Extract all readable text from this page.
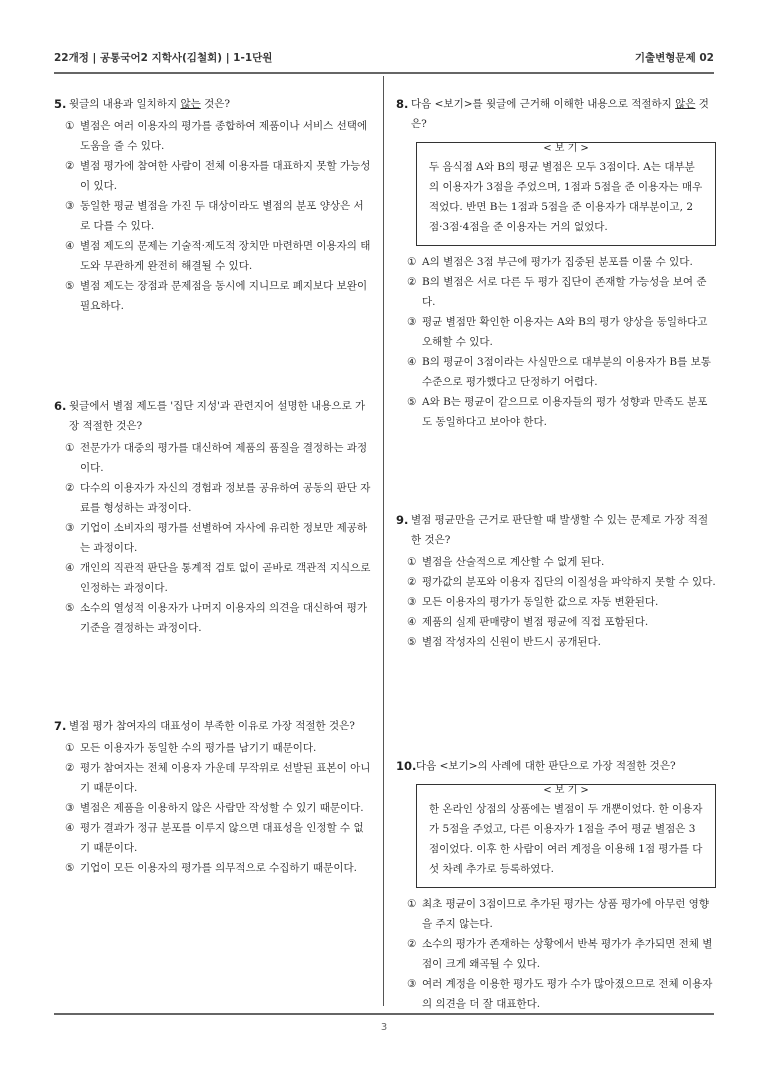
22개정 | 공통국어2 지학사(김철회) | 1-1단원	기출변형문제 02
3
5. 윗글의 내용과 일치하지 않는 것은?
① 별점은 여러 이용자의 평가를 종합하여 제품이나 서비스 선택에 도움을 줄 수 있다.
② 별점 평가에 참여한 사람이 전체 이용자를 대표하지 못할 가능성이 있다.
③ 동일한 평균 별점을 가진 두 대상이라도 별점의 분포 양상은 서로 다를 수 있다.
④ 별점 제도의 문제는 기술적·제도적 장치만 마련하면 이용자의 태도와 무관하게 완전히 해결될 수 있다.
⑤ 별점 제도는 장점과 문제점을 동시에 지니므로 폐지보다 보완이 필요하다.
6. 윗글에서 별점 제도를 '집단 지성'과 관련지어 설명한 내용으로 가장 적절한 것은?
① 전문가가 대중의 평가를 대신하여 제품의 품질을 결정하는 과정이다.
② 다수의 이용자가 자신의 경험과 정보를 공유하여 공동의 판단 자료를 형성하는 과정이다.
③ 기업이 소비자의 평가를 선별하여 자사에 유리한 정보만 제공하는 과정이다.
④ 개인의 직관적 판단을 통계적 검토 없이 곧바로 객관적 지식으로 인정하는 과정이다.
⑤ 소수의 열성적 이용자가 나머지 이용자의 의견을 대신하여 평가 기준을 결정하는 과정이다.
7. 별점 평가 참여자의 대표성이 부족한 이유로 가장 적절한 것은?
① 모든 이용자가 동일한 수의 평가를 남기기 때문이다.
② 평가 참여자는 전체 이용자 가운데 무작위로 선발된 표본이 아니기 때문이다.
③ 별점은 제품을 이용하지 않은 사람만 작성할 수 있기 때문이다.
④ 평가 결과가 정규 분포를 이루지 않으면 대표성을 인정할 수 없기 때문이다.
⑤ 기업이 모든 이용자의 평가를 의무적으로 수집하기 때문이다.
8. 다음 <보기>를 윗글에 근거해 이해한 내용으로 적절하지 않은 것은?
< 보 기 >
두 음식점 A와 B의 평균 별점은 모두 3점이다. A는 대부분의 이용자가 3점을 주었으며, 1점과 5점을 준 이용자는 매우 적었다. 반면 B는 1점과 5점을 준 이용자가 대부분이고, 2점·3점·4점을 준 이용자는 거의 없었다.
① A의 별점은 3점 부근에 평가가 집중된 분포를 이룰 수 있다.
② B의 별점은 서로 다른 두 평가 집단이 존재할 가능성을 보여 준다.
③ 평균 별점만 확인한 이용자는 A와 B의 평가 양상을 동일하다고 오해할 수 있다.
④ B의 평균이 3점이라는 사실만으로 대부분의 이용자가 B를 보통 수준으로 평가했다고 단정하기 어렵다.
⑤ A와 B는 평균이 같으므로 이용자들의 평가 성향과 만족도 분포도 동일하다고 보아야 한다.
9. 별점 평균만을 근거로 판단할 때 발생할 수 있는 문제로 가장 적절한 것은?
① 별점을 산술적으로 계산할 수 없게 된다.
② 평가값의 분포와 이용자 집단의 이질성을 파악하지 못할 수 있다.
③ 모든 이용자의 평가가 동일한 값으로 자동 변환된다.
④ 제품의 실제 판매량이 별점 평균에 직접 포함된다.
⑤ 별점 작성자의 신원이 반드시 공개된다.
10. 다음 <보기>의 사례에 대한 판단으로 가장 적절한 것은?
< 보 기 >
한 온라인 상점의 상품에는 별점이 두 개뿐이었다. 한 이용자가 5점을 주었고, 다른 이용자가 1점을 주어 평균 별점은 3점이었다. 이후 한 사람이 여러 계정을 이용해 1점 평가를 다섯 차례 추가로 등록하였다.
① 최초 평균이 3점이므로 추가된 평가는 상품 평가에 아무런 영향을 주지 않는다.
② 소수의 평가가 존재하는 상황에서 반복 평가가 추가되면 전체 별점이 크게 왜곡될 수 있다.
③ 여러 계정을 이용한 평가도 평가 수가 많아졌으므로 전체 이용자의 의견을 더 잘 대표한다.
